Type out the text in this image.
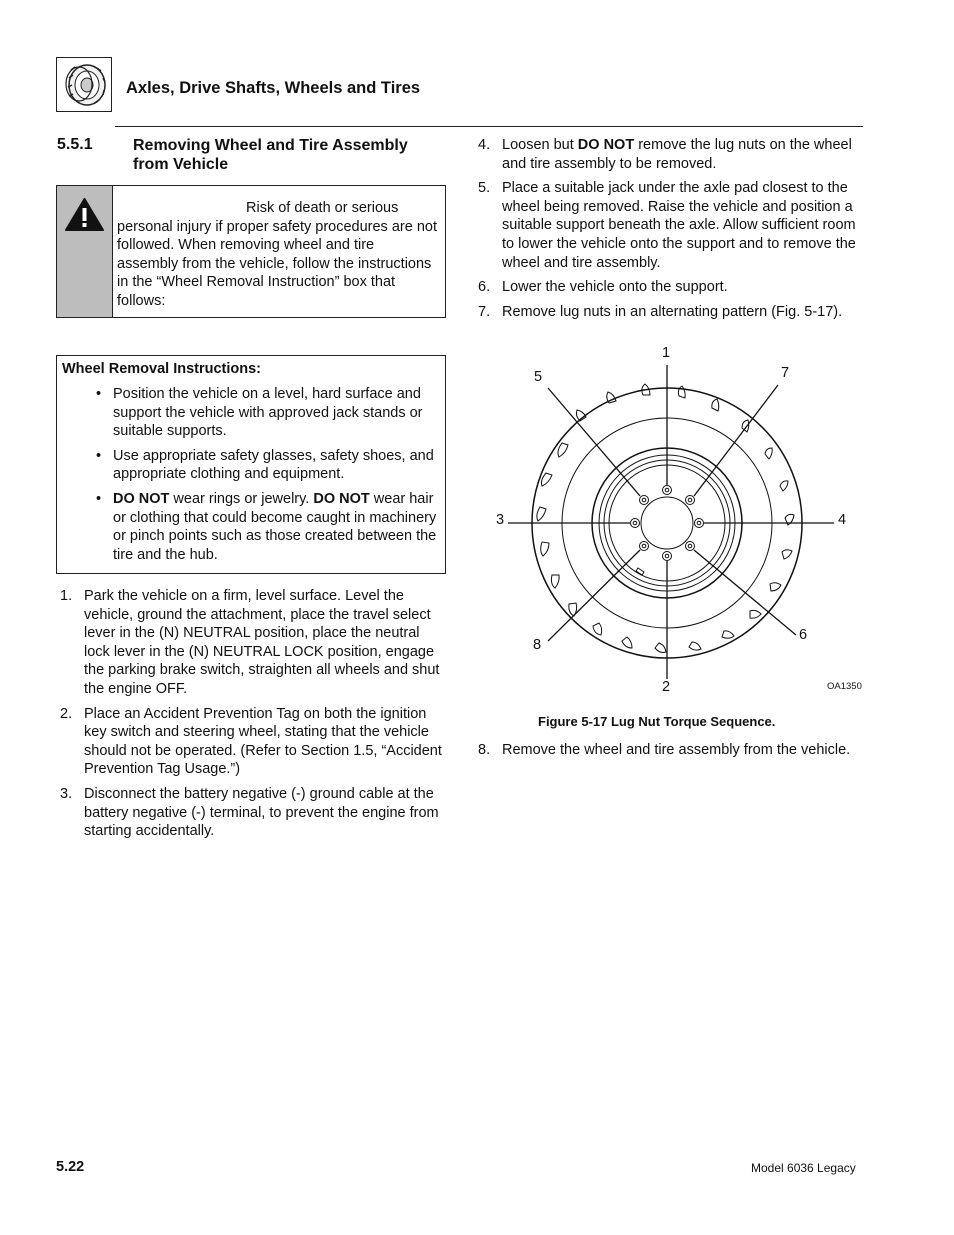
Axles, Drive Shafts, Wheels and Tires
5.5.1	Removing Wheel and Tire Assembly from Vehicle
Risk of death or serious
personal injury if proper safety procedures are not followed. When removing wheel and tire assembly from the vehicle, follow the instructions in the “Wheel Removal Instruction” box that follows:
Wheel Removal Instructions:
• Position the vehicle on a level, hard surface and support the vehicle with approved jack stands or suitable supports.
• Use appropriate safety glasses, safety shoes, and appropriate clothing and equipment.
• DO NOT wear rings or jewelry. DO NOT wear hair or clothing that could become caught in machinery or pinch points such as those created between the tire and the hub.
1. Park the vehicle on a firm, level surface. Level the vehicle, ground the attachment, place the travel select lever in the (N) NEUTRAL position, place the neutral lock lever in the (N) NEUTRAL LOCK position, engage the parking brake switch, straighten all wheels and shut the engine OFF.
2. Place an Accident Prevention Tag on both the ignition key switch and steering wheel, stating that the vehicle should not be operated. (Refer to Section 1.5, “Accident Prevention Tag Usage.”)
3. Disconnect the battery negative (-) ground cable at the battery negative (-) terminal, to prevent the engine from starting accidentally.
4. Loosen but DO NOT remove the lug nuts on the wheel and tire assembly to be removed.
5. Place a suitable jack under the axle pad closest to the wheel being removed. Raise the vehicle and position a suitable support beneath the axle. Allow sufficient room to lower the vehicle onto the support and to remove the wheel and tire assembly.
6. Lower the vehicle onto the support.
7. Remove lug nuts in an alternating pattern (Fig. 5-17).
1
2
3	4
5
6
7
8
OA1350
Figure 5-17 Lug Nut Torque Sequence.
8. Remove the wheel and tire assembly from the vehicle.
5.22	Model 6036 Legacy
